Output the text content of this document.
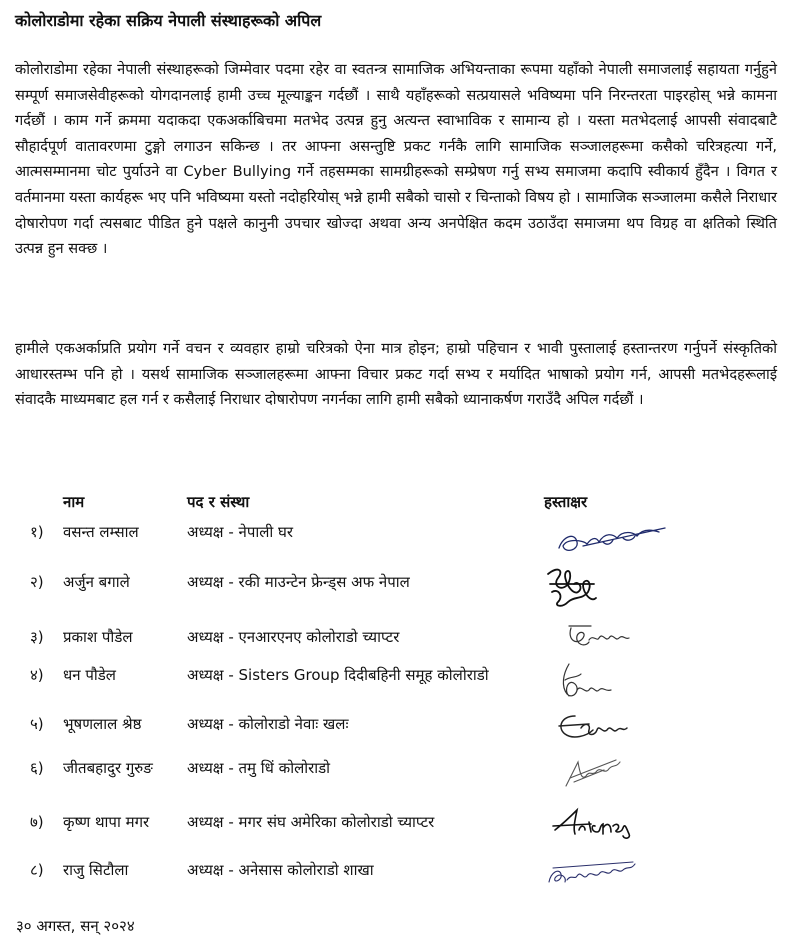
कोलोराडोमा रहेका सक्रिय नेपाली संस्थाहरूको अपिल

कोलोराडोमा रहेका नेपाली संस्थाहरूको जिम्मेवार पदमा रहेर वा स्वतन्त्र सामाजिक अभियन्ताका रूपमा यहाँको नेपाली समाजलाई सहायता गर्नुहुने सम्पूर्ण समाजसेवीहरूको योगदानलाई हामी उच्च मूल्याङ्कन गर्दछौं । साथै यहाँहरूको सत्प्रयासले भविष्यमा पनि निरन्तरता पाइरहोस् भन्ने कामना गर्दछौं । काम गर्ने क्रममा यदाकदा एकअर्काबिचमा मतभेद उत्पन्न हुनु अत्यन्त स्वाभाविक र सामान्य हो । यस्ता मतभेदलाई आपसी संवादबाटै सौहार्दपूर्ण वातावरणमा टुङ्गो लगाउन सकिन्छ । तर आफ्ना असन्तुष्टि प्रकट गर्नकै लागि सामाजिक सञ्जालहरूमा कसैको चरित्रहत्या गर्ने, आत्मसम्मानमा चोट पुर्याउने वा Cyber Bullying गर्ने तहसम्मका सामग्रीहरूको सम्प्रेषण गर्नु सभ्य समाजमा कदापि स्वीकार्य हुँदैन । विगत र वर्तमानमा यस्ता कार्यहरू भए पनि भविष्यमा यस्तो नदोहरियोस् भन्ने हामी सबैको चासो र चिन्ताको विषय हो । सामाजिक सञ्जालमा कसैले निराधार दोषारोपण गर्दा त्यसबाट पीडित हुने पक्षले कानुनी उपचार खोज्दा अथवा अन्य अनपेक्षित कदम उठाउँदा समाजमा थप विग्रह वा क्षतिको स्थिति उत्पन्न हुन सक्छ ।

हामीले एकअर्काप्रति प्रयोग गर्ने वचन र व्यवहार हाम्रो चरित्रको ऐना मात्र होइन; हाम्रो पहिचान र भावी पुस्तालाई हस्तान्तरण गर्नुपर्ने संस्कृतिको आधारस्तम्भ पनि हो । यसर्थ सामाजिक सञ्जालहरूमा आफ्ना विचार प्रकट गर्दा सभ्य र मर्यादित भाषाको प्रयोग गर्न, आपसी मतभेदहरूलाई संवादकै माध्यमबाट हल गर्न र कसैलाई निराधार दोषारोपण नगर्नका लागि हामी सबैको ध्यानाकर्षण गराउँदै अपिल गर्दछौं ।

नाम	पद र संस्था	हस्ताक्षर
१) वसन्त लम्साल	अध्यक्ष - नेपाली घर
२) अर्जुन बगाले	अध्यक्ष - रकी माउन्टेन फ्रेन्ड्स अफ नेपाल
३) प्रकाश पौडेल	अध्यक्ष - एनआरएनए कोलोराडो च्याप्टर
४) धन पौडेल	अध्यक्ष - Sisters Group दिदीबहिनी समूह कोलोराडो
५) भूषणलाल श्रेष्ठ	अध्यक्ष - कोलोराडो नेवाः खलः
६) जीतबहादुर गुरुङ अध्यक्ष - तमु धिं कोलोराडो
७) कृष्ण थापा मगर	अध्यक्ष - मगर संघ अमेरिका कोलोराडो च्याप्टर
८) राजु सिटौला	अध्यक्ष - अनेसास कोलोराडो शाखा
३० अगस्त, सन् २०२४
